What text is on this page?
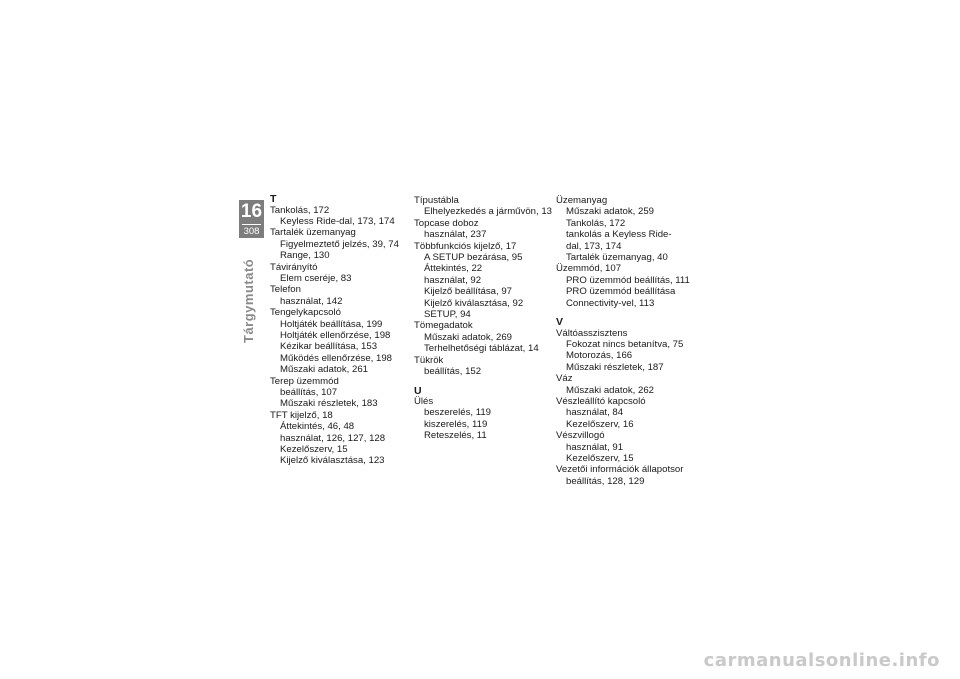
16
308
Tárgymutató
T
Tankolás, 172
Keyless Ride-dal, 173, 174
Tartalék üzemanyag
Figyelmeztető jelzés, 39, 74
Range, 130
Távirányító
Elem cseréje, 83
Telefon
használat, 142
Tengelykapcsoló
Holtjáték beállítása, 199
Holtjáték ellenőrzése, 198
Kézikar beállítása, 153
Működés ellenőrzése, 198
Műszaki adatok, 261
Terep üzemmód
beállítás, 107
Műszaki részletek, 183
TFT kijelző, 18
Áttekintés, 46, 48
használat, 126, 127, 128
Kezelőszerv, 15
Kijelző kiválasztása, 123
Típustábla
Elhelyezkedés a járművön, 13
Topcase doboz
használat, 237
Többfunkciós kijelző, 17
A SETUP bezárása, 95
Áttekintés, 22
használat, 92
Kijelző beállítása, 97
Kijelző kiválasztása, 92
SETUP, 94
Tömegadatok
Műszaki adatok, 269
Terhelhetőségi táblázat, 14
Tükrök
beállítás, 152
U
Ülés
beszerelés, 119
kiszerelés, 119
Reteszelés, 11
Üzemanyag
Műszaki adatok, 259
Tankolás, 172
tankolás a Keyless Ride-
dal, 173, 174
Tartalék üzemanyag, 40
Üzemmód, 107
PRO üzemmód beállítás, 111
PRO üzemmód beállítása
Connectivity-vel, 113
V
Váltóasszisztens
Fokozat nincs betanítva, 75
Motorozás, 166
Műszaki részletek, 187
Váz
Műszaki adatok, 262
Vészleállító kapcsoló
használat, 84
Kezelőszerv, 16
Vészvillogó
használat, 91
Kezelőszerv, 15
Vezetői információk állapotsor
beállítás, 128, 129
carmanualsonline.info
